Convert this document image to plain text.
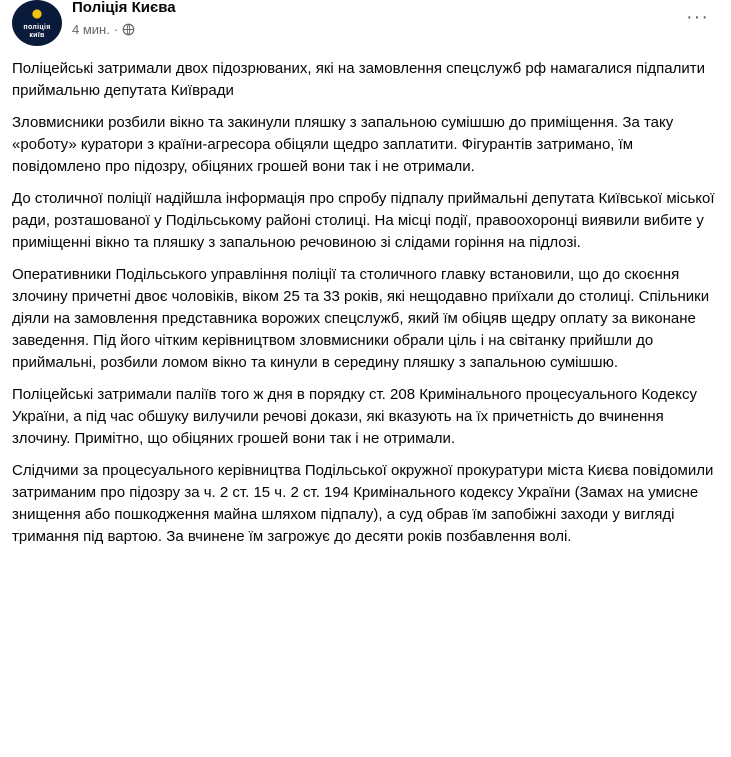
поліція
київ
Поліція Києва
4 мин. ·
···

Поліцейські затримали двох підозрюваних, які на замовлення спецслужб рф намагалися підпалити приймальню депутата Київради

Зловмисники розбили вікно та закинули пляшку з запальною сумішшю до приміщення. За таку «роботу» куратори з країни-агресора обіцяли щедро заплатити. Фігурантів затримано, їм повідомлено про підозру, обіцяних грошей вони так і не отримали.

До столичної поліції надійшла інформація про спробу підпалу приймальні депутата Київської міської ради, розташованої у Подільському районі столиці. На місці події, правоохоронці виявили вибите у приміщенні вікно та пляшку з запальною речовиною зі слідами горіння на підлозі.

Оперативники Подільського управління поліції та столичного главку встановили, що до скоєння злочину причетні двоє чоловіків, віком 25 та 33 років, які нещодавно приїхали до столиці. Спільники діяли на замовлення представника ворожих спецслужб, який їм обіцяв щедру оплату за виконане заведення. Під його чітким керівництвом зловмисники обрали ціль і на світанку прийшли до приймальні, розбили ломом вікно та кинули в середину пляшку з запальною сумішшю.

Поліцейські затримали паліїв того ж дня в порядку ст. 208 Кримінального процесуального Кодексу України, а під час обшуку вилучили речові докази, які вказують на їх причетність до вчинення злочину. Примітно, що обіцяних грошей вони так і не отримали.

Слідчими за процесуального керівництва Подільської окружної прокуратури міста Києва повідомили затриманим про підозру за ч. 2 ст. 15 ч. 2 ст. 194 Кримінального кодексу України (Замах на умисне знищення або пошкодження майна шляхом підпалу), а суд обрав їм запобіжні заходи у вигляді тримання під вартою. За вчинене їм загрожує до десяти років позбавлення волі.
